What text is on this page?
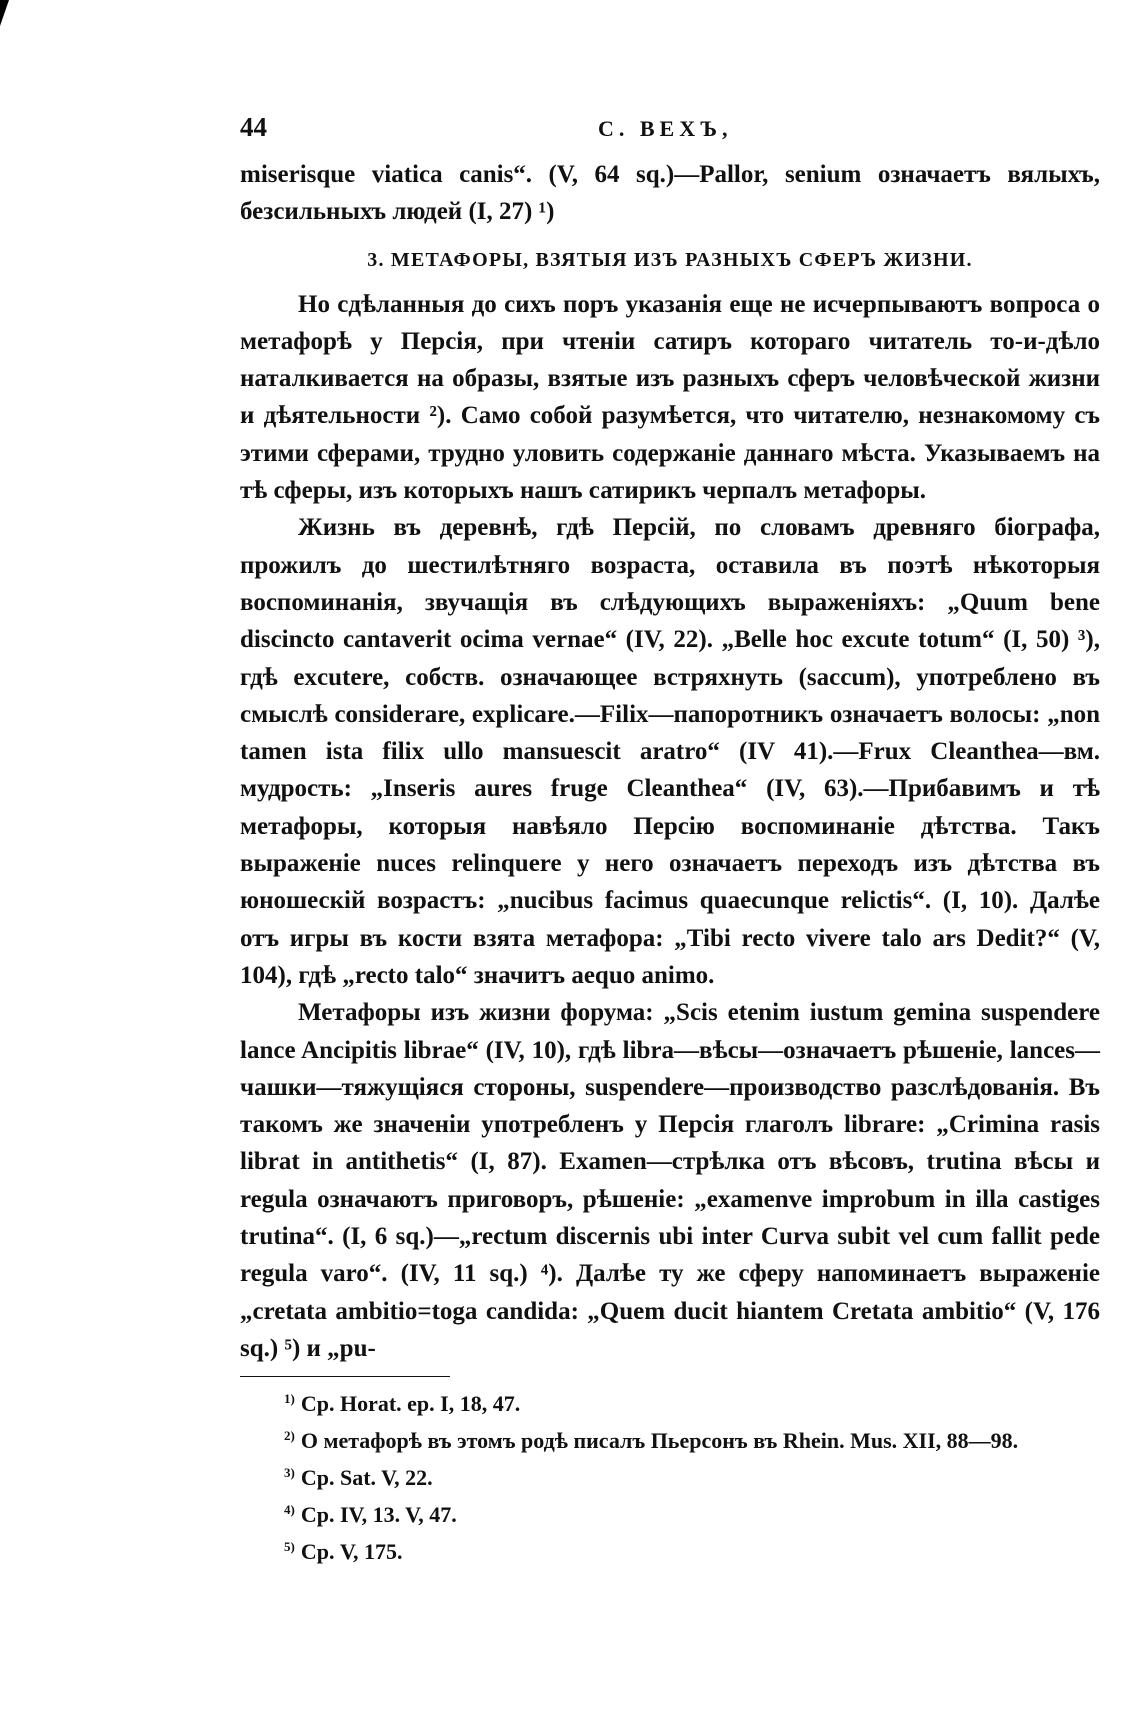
44	С. ВЕХЪ,

miserisque viatica canis“. (V, 64 sq.)—Pallor, senium означаетъ вялыхъ, безсильныхъ людей (I, 27) ¹)

3. МЕТАФОРЫ, ВЗЯТЫЯ ИЗЪ РАЗНЫХЪ СФЕРЪ ЖИЗНИ.

Но сдѣланныя до сихъ поръ указанія еще не исчерпываютъ вопроса о метафорѣ у Персія, при чтеніи сатиръ котораго читатель то-и-дѣло наталкивается на образы, взятые изъ разныхъ сферъ человѣческой жизни и дѣятельности ²). Само собой разумѣется, что читателю, незнакомому съ этими сферами, трудно уловить содержаніе даннаго мѣста. Указываемъ на тѣ сферы, изъ которыхъ нашъ сатирикъ черпалъ метафоры.

Жизнь въ деревнѣ, гдѣ Персій, по словамъ древняго біографа, прожилъ до шестилѣтняго возраста, оставила въ поэтѣ нѣкоторыя воспоминанія, звучащія въ слѣдующихъ выраженіяхъ: „Quum bene discincto cantaverit ocima vernae“ (IV, 22). „Belle hoc excute totum“ (I, 50) ³), гдѣ excutere, собств. означающее встряхнуть (saccum), употреблено въ смыслѣ considerare, explicare.—Filix—папоротникъ означаетъ волосы: „non tamen ista filix ullo mansuescit aratro“ (IV 41).—Frux Cleanthea—вм. мудрость: „Inseris aures fruge Cleanthea“ (IV, 63).—Прибавимъ и тѣ метафоры, которыя навѣяло Персію воспоминаніе дѣтства. Такъ выраженіе nuces relinquere у него означаетъ переходъ изъ дѣтства въ юношескій возрастъ: „nucibus facimus quaecunque relictis“. (I, 10). Далѣе отъ игры въ кости взята метафора: „Tibi recto vivere talo ars Dedit?“ (V, 104), гдѣ „recto talo“ значитъ aequo animo.

Метафоры изъ жизни форума: „Scis etenim iustum gemina suspendere lance Ancipitis librae“ (IV, 10), гдѣ libra—вѣсы—означаетъ рѣшеніе, lances—чашки—тяжущіяся стороны, suspendere—производство разслѣдованія. Въ такомъ же значеніи употребленъ у Персія глаголъ librare: „Crimina rasis librat in antithetis“ (I, 87). Examen—стрѣлка отъ вѣсовъ, trutina вѣсы и regula означаютъ приговоръ, рѣшеніе: „examenve improbum in illa castiges trutina“. (I, 6 sq.)—„rectum discernis ubi inter Curva subit vel cum fallit pede regula varo“. (IV, 11 sq.) ⁴). Далѣе ту же сферу напоминаетъ выраженіе „cretata ambitio=toga candida: „Quem ducit hiantem Cretata ambitio“ (V, 176 sq.) ⁵) и „pu-

$^{1)}$ Ср. Horat. ep. I, 18, 47.
$^{2)}$ О метафорѣ въ этомъ родѣ писалъ Пьерсонъ въ Rhein. Mus. XII, 88—98.
$^{3)}$ Ср. Sat. V, 22.
$^{4)}$ Ср. IV, 13. V, 47.
$^{5)}$ Ср. V, 175.
